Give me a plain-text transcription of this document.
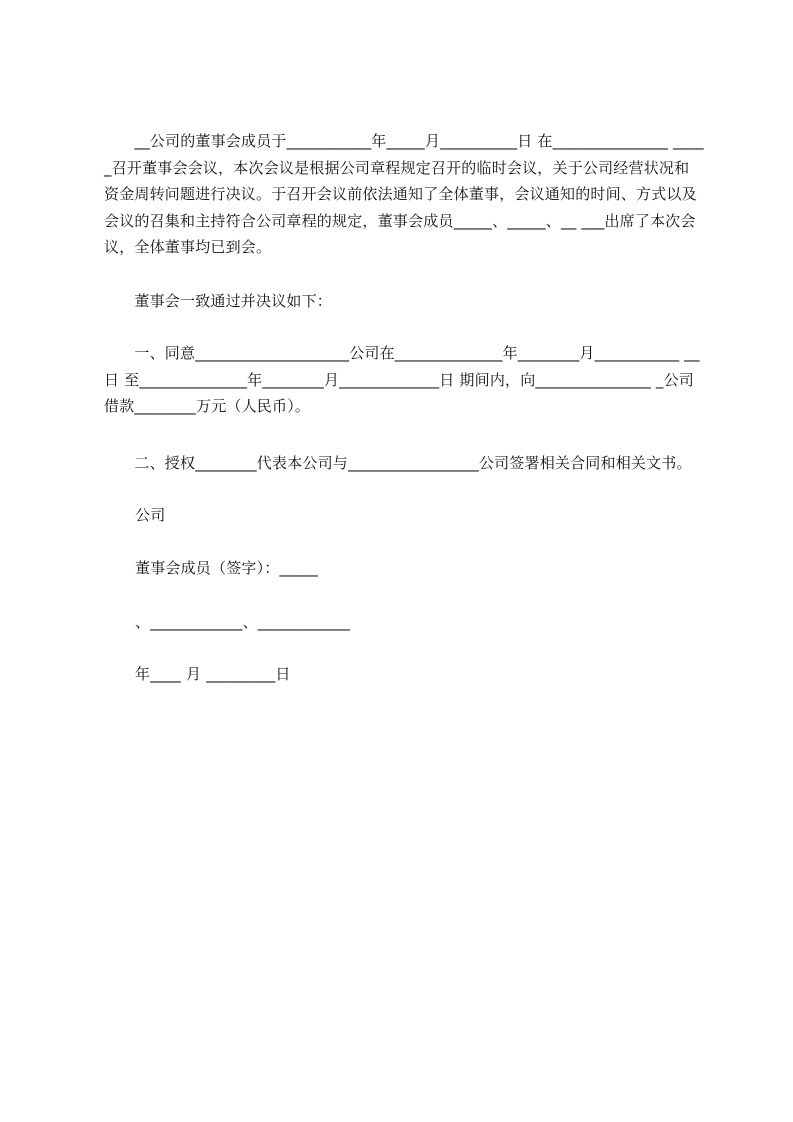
　　__公司的董事会成员于___________年_____月__________日 在_______________ _____召开董事会会议，本次会议是根据公司章程规定召开的临时会议，关于公司经营状况和资金周转问题进行决议。于召开会议前依法通知了全体董事，会议通知的时间、方式以及会议的召集和主持符合公司章程的规定，董事会成员_____、_____、__ ___出席了本次会议，全体董事均已到会。

　　董事会一致通过并决议如下：

　　一、同意____________________公司在______________年________月___________ __日 至______________年________月_____________日 期间内，向_______________ _公司借款________万元（人民币）。

　　二、授权________代表本公司与_________________公司签署相关合同和相关文书。

公司
董事会成员（签字）：_____
、____________、____________
年____ 月 _________日
